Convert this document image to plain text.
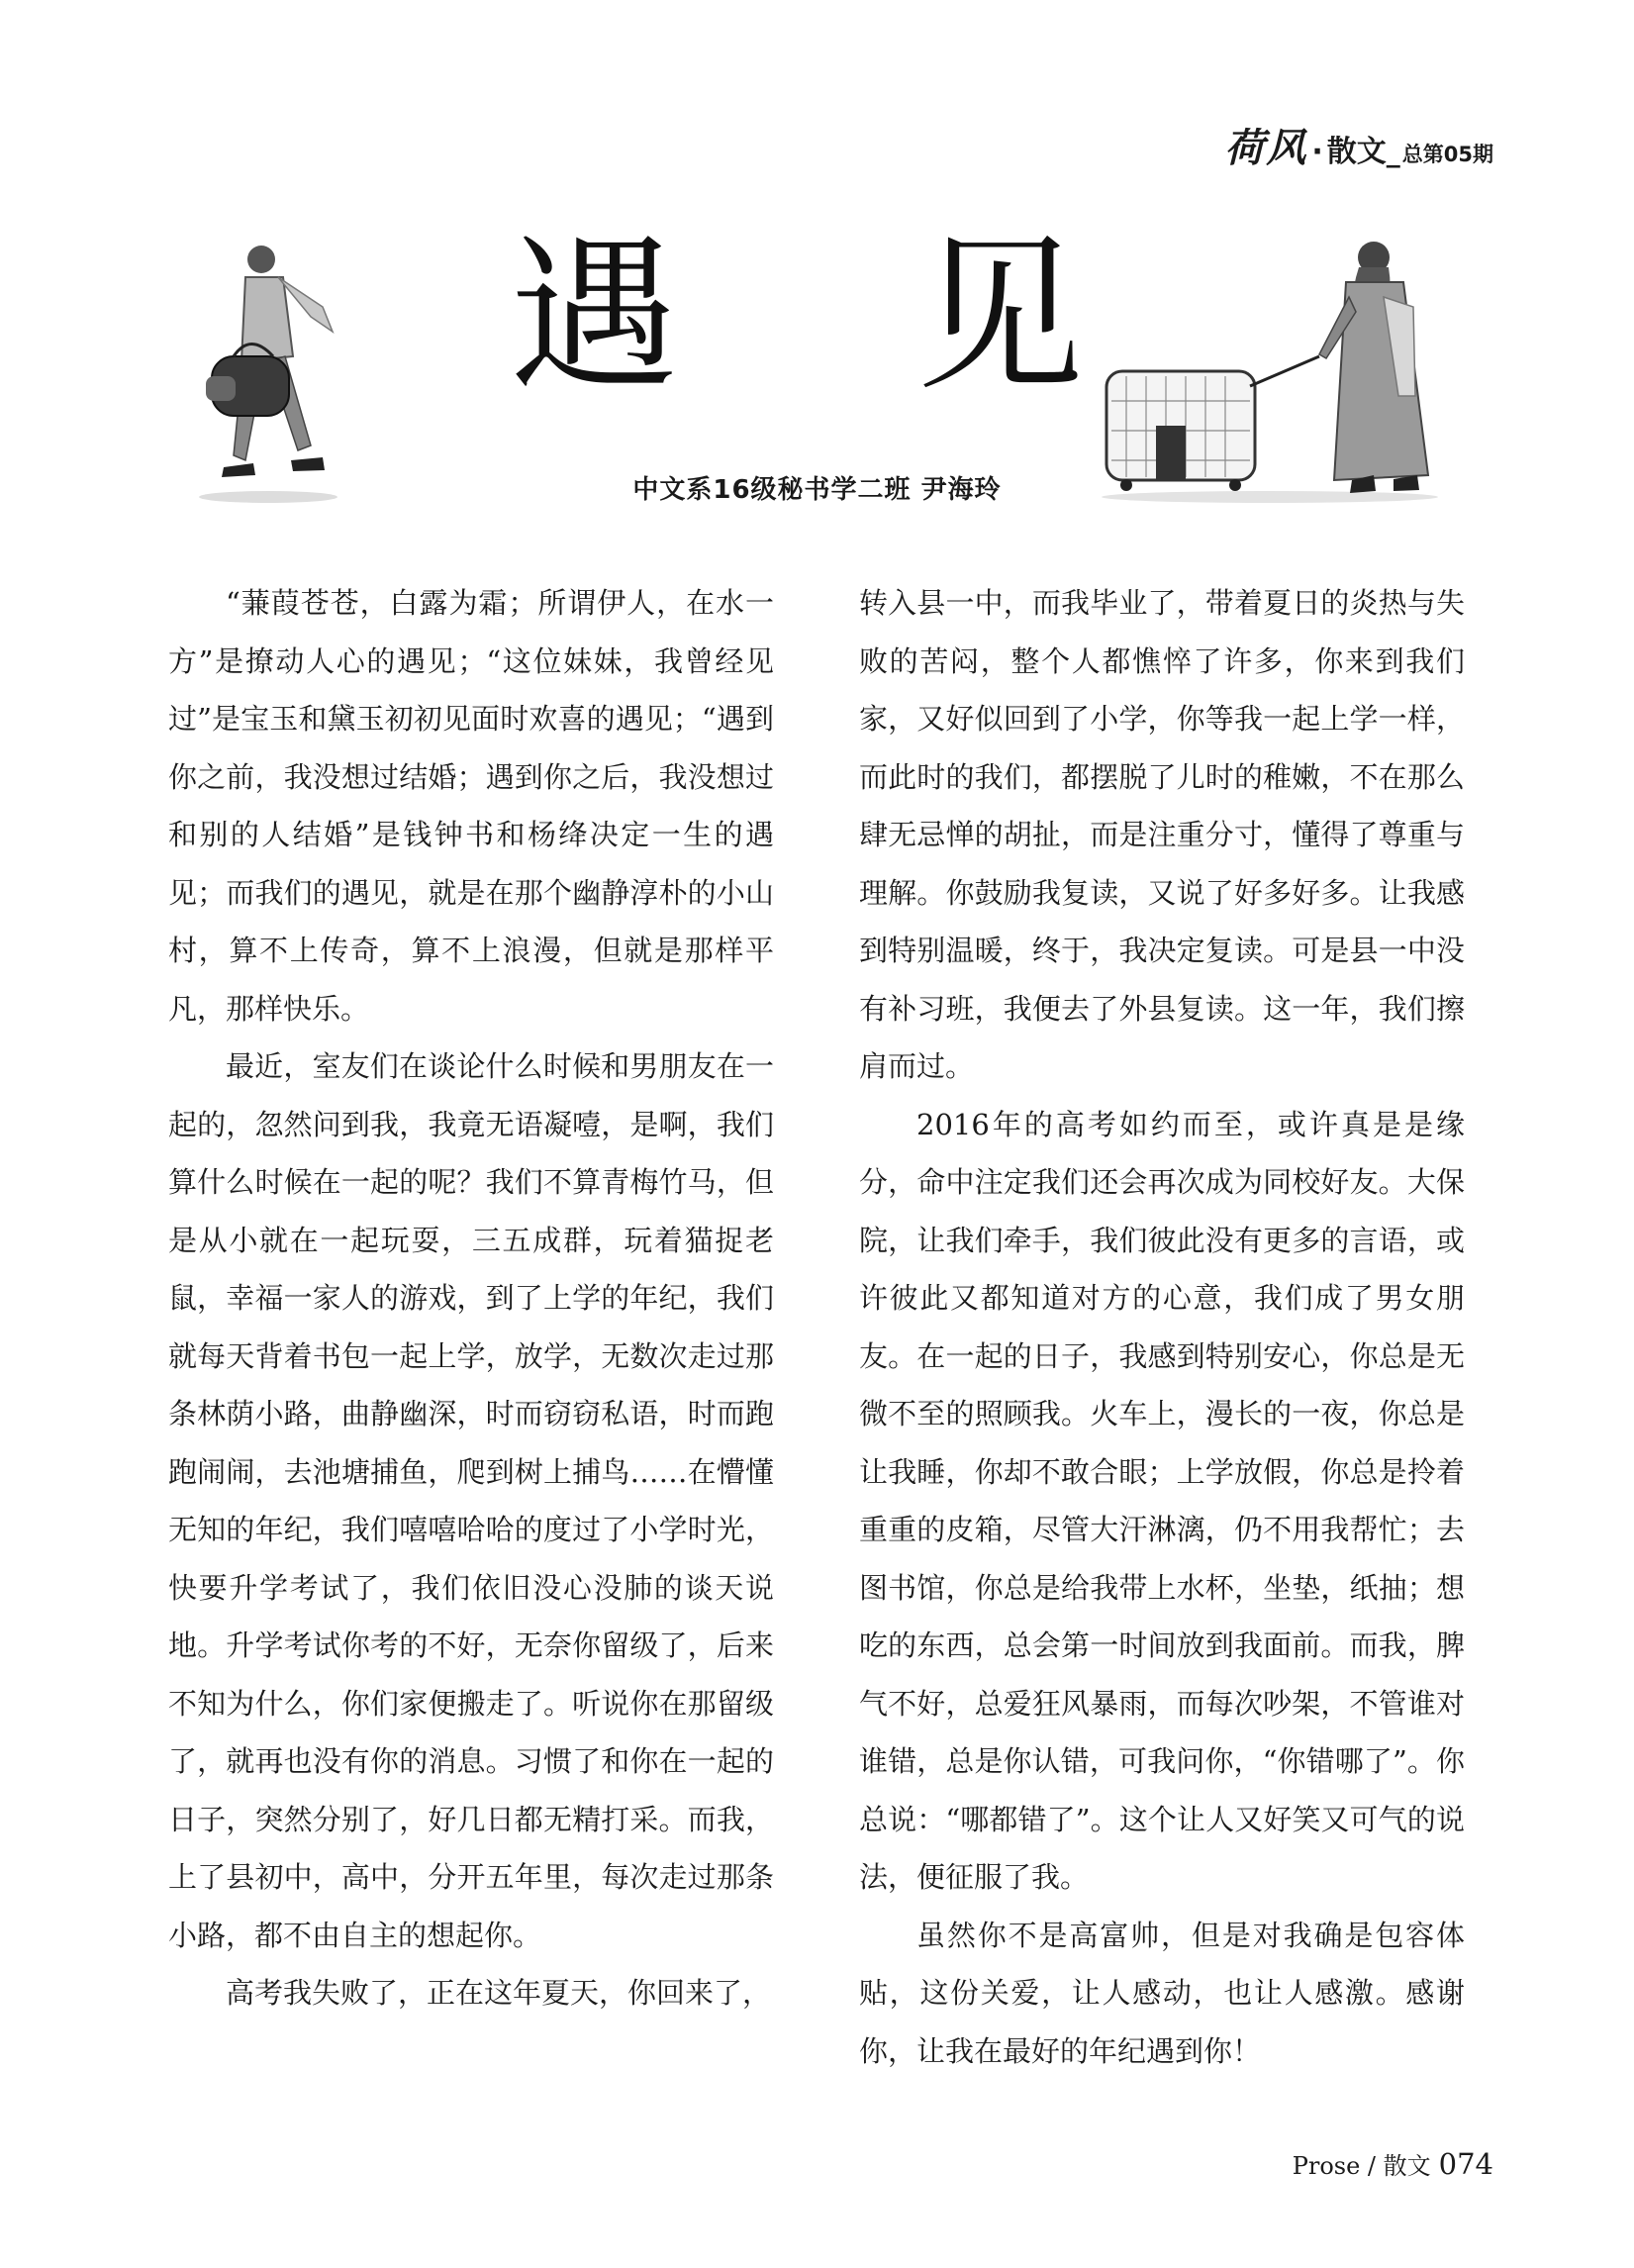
荷风 · 散文 _ 总第05期
遇 见
中文系16级秘书学二班 尹海玲

“蒹葭苍苍，白露为霜；所谓伊人，在水一方”是撩动人心的遇见；“这位妹妹，我曾经见过”是宝玉和黛玉初初见面时欢喜的遇见；“遇到你之前，我没想过结婚；遇到你之后，我没想过和别的人结婚”是钱钟书和杨绛决定一生的遇见；而我们的遇见，就是在那个幽静淳朴的小山村，算不上传奇，算不上浪漫，但就是那样平凡，那样快乐。

最近，室友们在谈论什么时候和男朋友在一起的，忽然问到我，我竟无语凝噎，是啊，我们算什么时候在一起的呢？我们不算青梅竹马，但是从小就在一起玩耍，三五成群，玩着猫捉老鼠，幸福一家人的游戏，到了上学的年纪，我们就每天背着书包一起上学，放学，无数次走过那条林荫小路，曲静幽深，时而窃窃私语，时而跑跑闹闹，去池塘捕鱼，爬到树上捕鸟……在懵懂无知的年纪，我们嘻嘻哈哈的度过了小学时光，快要升学考试了，我们依旧没心没肺的谈天说地。升学考试你考的不好，无奈你留级了，后来不知为什么，你们家便搬走了。听说你在那留级了，就再也没有你的消息。习惯了和你在一起的日子，突然分别了，好几日都无精打采。而我，上了县初中，高中，分开五年里，每次走过那条小路，都不由自主的想起你。

高考我失败了，正在这年夏天，你回来了，

转入县一中，而我毕业了，带着夏日的炎热与失败的苦闷，整个人都憔悴了许多，你来到我们家，又好似回到了小学，你等我一起上学一样，而此时的我们，都摆脱了儿时的稚嫩，不在那么肆无忌惮的胡扯，而是注重分寸，懂得了尊重与理解。你鼓励我复读，又说了好多好多。让我感到特别温暖，终于，我决定复读。可是县一中没有补习班，我便去了外县复读。这一年，我们擦肩而过。

2016年的高考如约而至，或许真是是缘分，命中注定我们还会再次成为同校好友。大保院，让我们牵手，我们彼此没有更多的言语，或许彼此又都知道对方的心意，我们成了男女朋友。在一起的日子，我感到特别安心，你总是无微不至的照顾我。火车上，漫长的一夜，你总是让我睡，你却不敢合眼；上学放假，你总是拎着重重的皮箱，尽管大汗淋漓，仍不用我帮忙；去图书馆，你总是给我带上水杯，坐垫，纸抽；想吃的东西，总会第一时间放到我面前。而我，脾气不好，总爱狂风暴雨，而每次吵架，不管谁对谁错，总是你认错，可我问你，“你错哪了”。你总说：“哪都错了”。这个让人又好笑又可气的说法，便征服了我。

虽然你不是高富帅，但是对我确是包容体贴，这份关爱，让人感动，也让人感激。感谢你，让我在最好的年纪遇到你！

Prose / 散文 074
